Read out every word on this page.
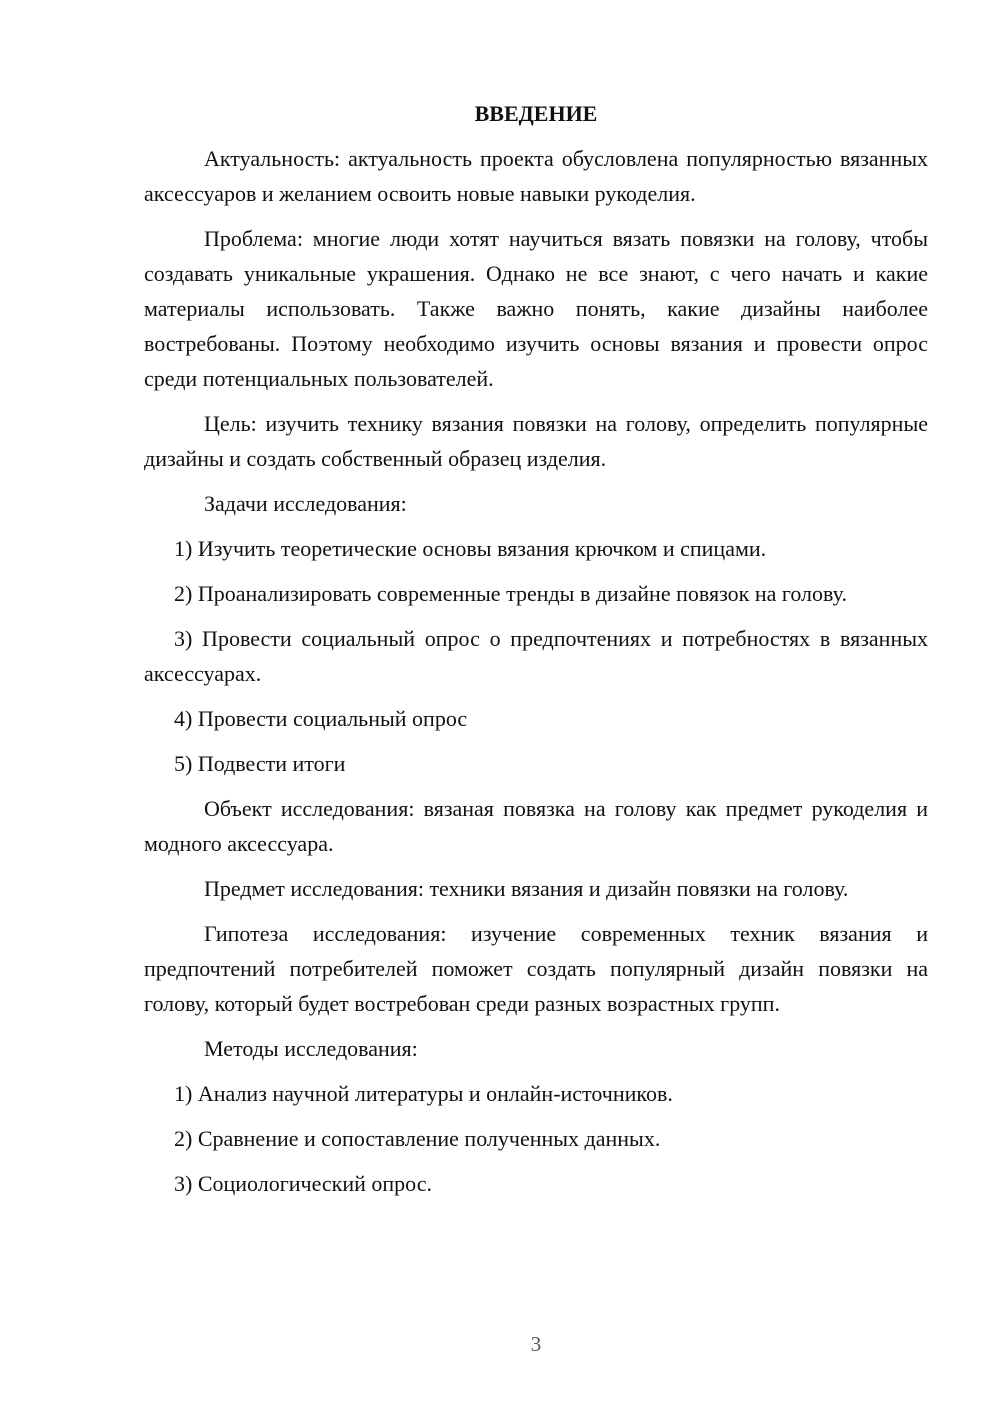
ВВЕДЕНИЕ

Актуальность: актуальность проекта обусловлена популярностью вязанных аксессуаров и желанием освоить новые навыки рукоделия.

Проблема: многие люди хотят научиться вязать повязки на голову, чтобы создавать уникальные украшения. Однако не все знают, с чего начать и какие материалы использовать. Также важно понять, какие дизайны наиболее востребованы. Поэтому необходимо изучить основы вязания и провести опрос среди потенциальных пользователей.

Цель: изучить технику вязания повязки на голову, определить популярные дизайны и создать собственный образец изделия.

Задачи исследования:

1) Изучить теоретические основы вязания крючком и спицами.

2) Проанализировать современные тренды в дизайне повязок на голову.

3) Провести социальный опрос о предпочтениях и потребностях в вязанных аксессуарах.

4) Провести социальный опрос

5) Подвести итоги

Объект исследования: вязаная повязка на голову как предмет рукоделия и модного аксессуара.

Предмет исследования: техники вязания и дизайн повязки на голову.

Гипотеза исследования: изучение современных техник вязания и предпочтений потребителей поможет создать популярный дизайн повязки на голову, который будет востребован среди разных возрастных групп.

Методы исследования:

1) Анализ научной литературы и онлайн-источников.

2) Сравнение и сопоставление полученных данных.

3) Социологический опрос.

3
